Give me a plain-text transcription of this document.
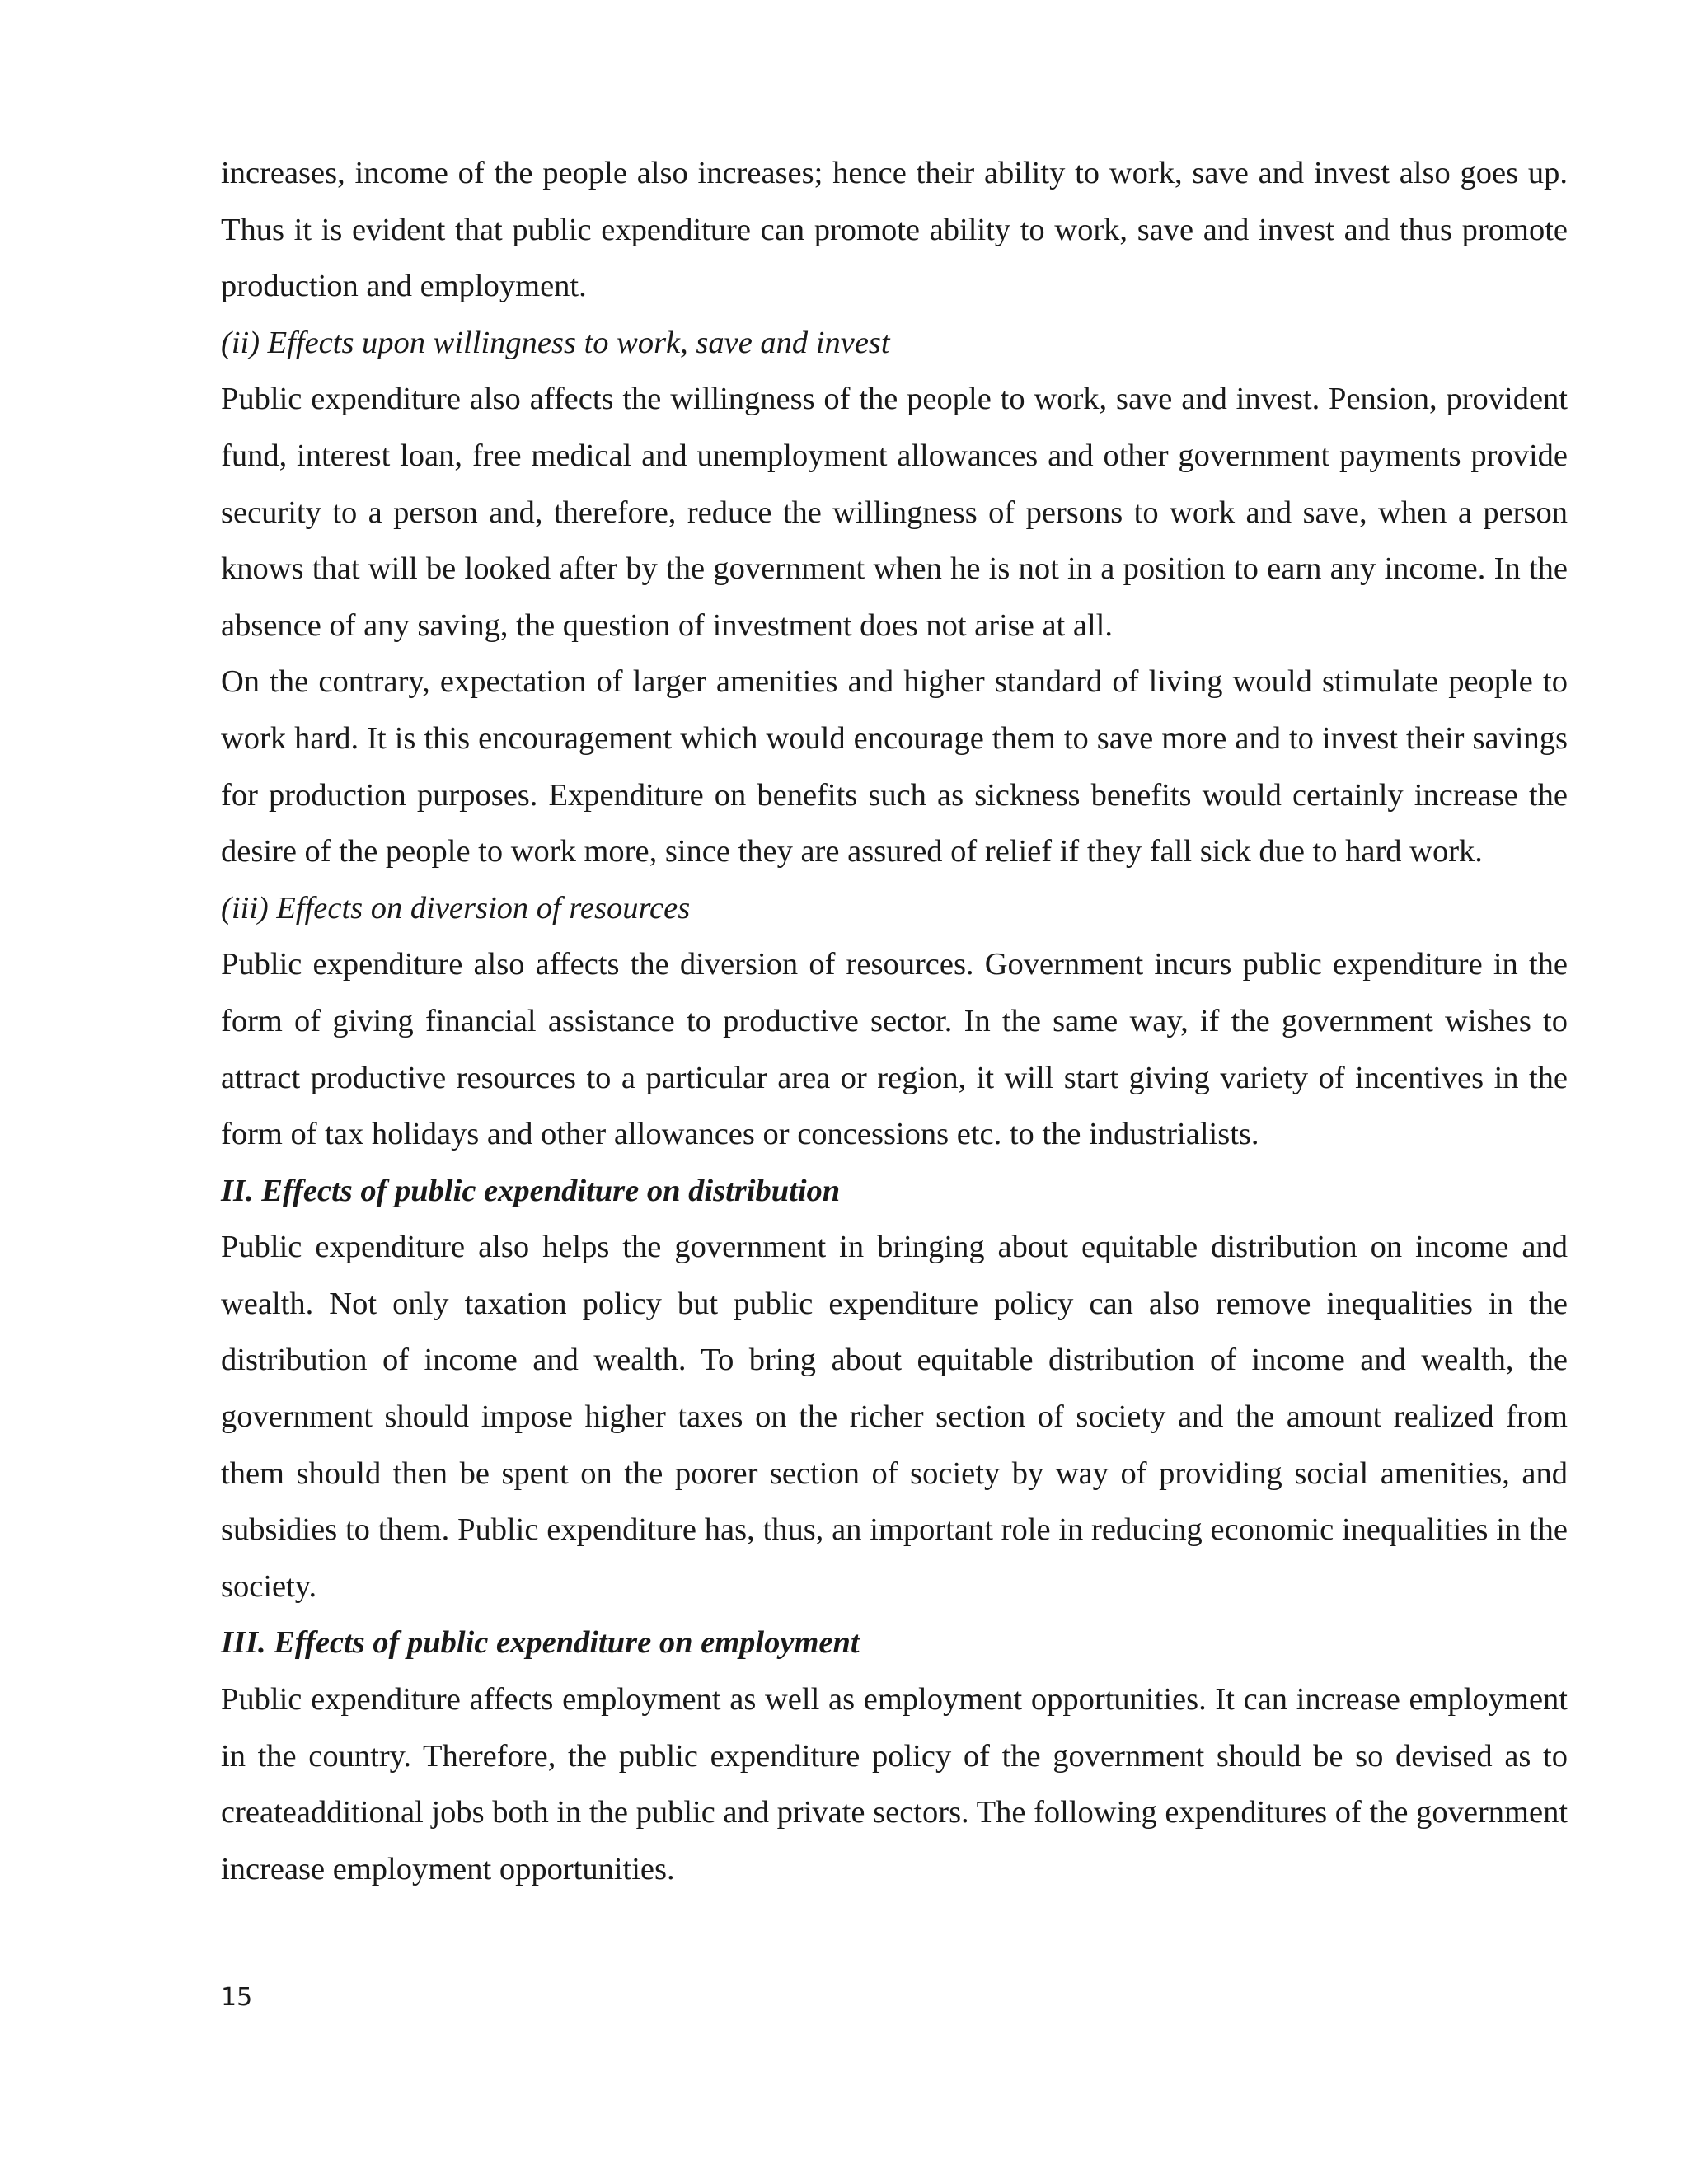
increases, income of the people also increases; hence their ability to work, save and invest also goes up. Thus it is evident that public expenditure can promote ability to work, save and invest and thus promote production and employment.

(ii) Effects upon willingness to work, save and invest

Public expenditure also affects the willingness of the people to work, save and invest. Pension, provident fund, interest loan, free medical and unemployment allowances and other government payments provide security to a person and, therefore, reduce the willingness of persons to work and save, when a person knows that will be looked after by the government when he is not in a position to earn any income. In the absence of any saving, the question of investment does not arise at all.

On the contrary, expectation of larger amenities and higher standard of living would stimulate people to work hard. It is this encouragement which would encourage them to save more and to invest their savings for production purposes. Expenditure on benefits such as sickness benefits would certainly increase the desire of the people to work more, since they are assured of relief if they fall sick due to hard work.

(iii) Effects on diversion of resources

Public expenditure also affects the diversion of resources. Government incurs public expenditure in the form of giving financial assistance to productive sector. In the same way, if the government wishes to attract productive resources to a particular area or region, it will start giving variety of incentives in the form of tax holidays and other allowances or concessions etc. to the industrialists.

II. Effects of public expenditure on distribution

Public expenditure also helps the government in bringing about equitable distribution on income and wealth. Not only taxation policy but public expenditure policy can also remove inequalities in the distribution of income and wealth. To bring about equitable distribution of income and wealth, the government should impose higher taxes on the richer section of society and the amount realized from them should then be spent on the poorer section of society by way of providing social amenities, and subsidies to them. Public expenditure has, thus, an important role in reducing economic inequalities in the society.

III. Effects of public expenditure on employment

Public expenditure affects employment as well as employment opportunities. It can increase employment in the country. Therefore, the public expenditure policy of the government should be so devised as to createadditional jobs both in the public and private sectors. The following expenditures of the government increase employment opportunities.

15
